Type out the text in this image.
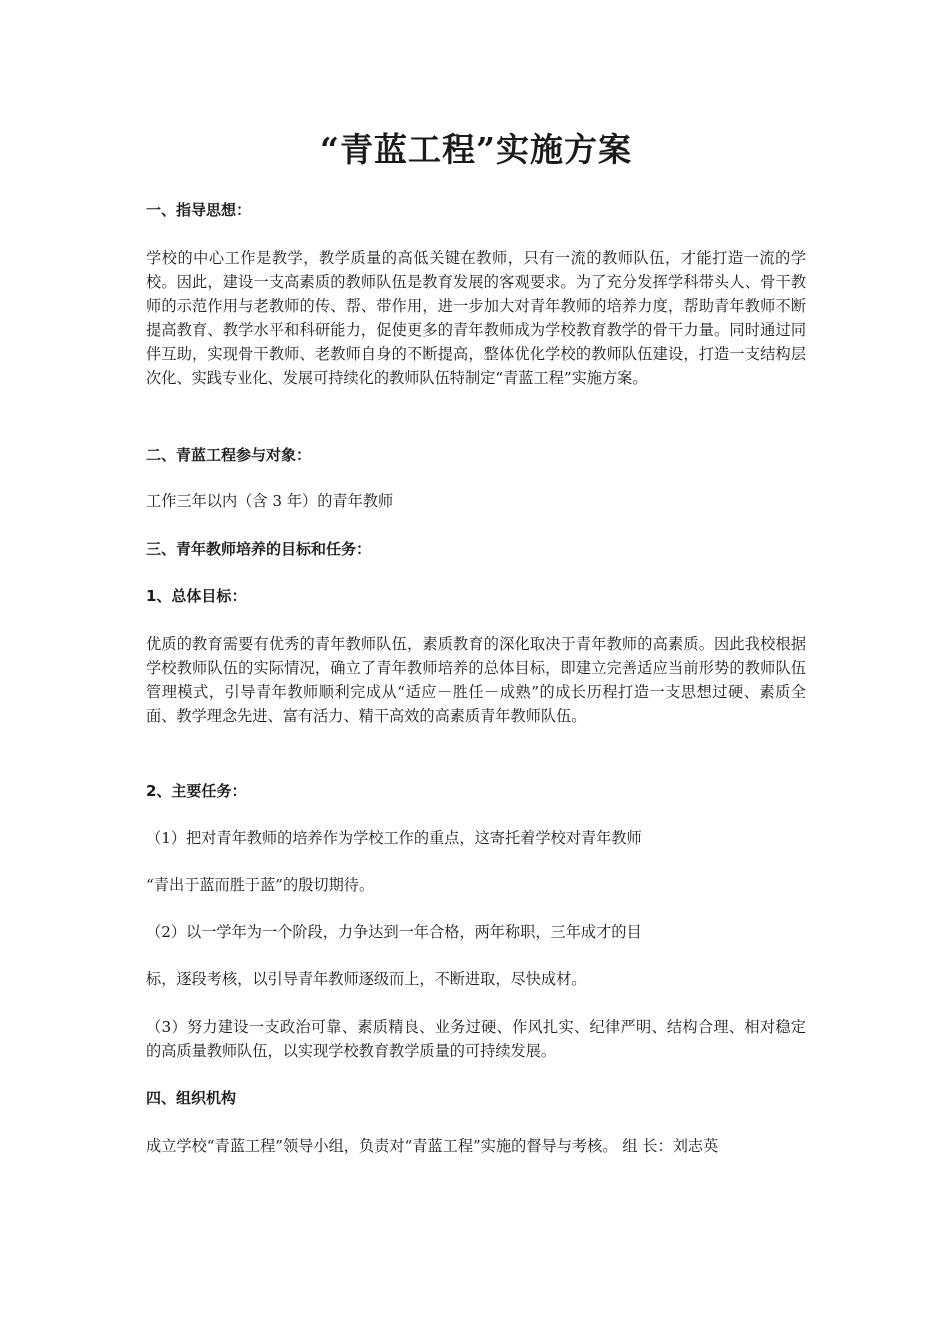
“青蓝工程”实施方案
一、指导思想：
学校的中心工作是教学，教学质量的高低关键在教师，只有一流的教师队伍，才能打造一流的学校。因此，建设一支高素质的教师队伍是教育发展的客观要求。为了充分发挥学科带头人、骨干教师的示范作用与老教师的传、帮、带作用，进一步加大对青年教师的培养力度，帮助青年教师不断提高教育、教学水平和科研能力，促使更多的青年教师成为学校教育教学的骨干力量。同时通过同伴互助，实现骨干教师、老教师自身的不断提高，整体优化学校的教师队伍建设，打造一支结构层次化、实践专业化、发展可持续化的教师队伍特制定“青蓝工程”实施方案。
二、青蓝工程参与对象：
工作三年以内（含 3 年）的青年教师
三、青年教师培养的目标和任务：
1、总体目标：
优质的教育需要有优秀的青年教师队伍，素质教育的深化取决于青年教师的高素质。因此我校根据学校教师队伍的实际情况，确立了青年教师培养的总体目标，即建立完善适应当前形势的教师队伍管理模式，引导青年教师顺利完成从“适应－胜任－成熟”的成长历程打造一支思想过硬、素质全面、教学理念先进、富有活力、精干高效的高素质青年教师队伍。
2、主要任务：
（1）把对青年教师的培养作为学校工作的重点，这寄托着学校对青年教师
“青出于蓝而胜于蓝”的殷切期待。
（2）以一学年为一个阶段，力争达到一年合格，两年称职，三年成才的目
标，逐段考核，以引导青年教师逐级而上，不断进取，尽快成材。
（3）努力建设一支政治可靠、素质精良、业务过硬、作风扎实、纪律严明、结构合理、相对稳定的高质量教师队伍，以实现学校教育教学质量的可持续发展。
四、组织机构
成立学校“青蓝工程”领导小组，负责对“青蓝工程”实施的督导与考核。 组 长：刘志英
